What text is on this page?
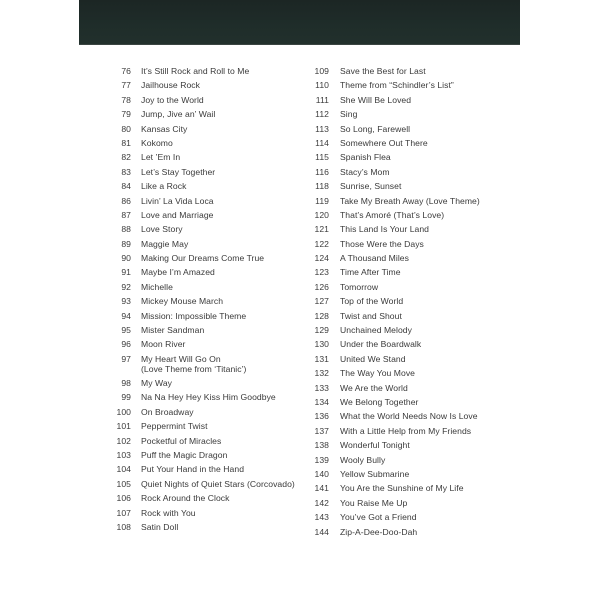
76	It’s Still Rock and Roll to Me
77	Jailhouse Rock
78	Joy to the World
79	Jump, Jive an’ Wail
80	Kansas City
81	Kokomo
82	Let ’Em In
83	Let’s Stay Together
84	Like a Rock
86	Livin’ La Vida Loca
87	Love and Marriage
88	Love Story
89	Maggie May
90	Making Our Dreams Come True
91	Maybe I’m Amazed
92	Michelle
93	Mickey Mouse March
94	Mission: Impossible Theme
95	Mister Sandman
96	Moon River
97	My Heart Will Go On
(Love Theme from ‘Titanic’)
98	My Way
99	Na Na Hey Hey Kiss Him Goodbye
100	On Broadway
101	Peppermint Twist
102	Pocketful of Miracles
103	Puff the Magic Dragon
104	Put Your Hand in the Hand
105	Quiet Nights of Quiet Stars (Corcovado)
106	Rock Around the Clock
107	Rock with You
108	Satin Doll
109	Save the Best for Last
110	Theme from “Schindler’s List”
111	She Will Be Loved
112	Sing
113	So Long, Farewell
114	Somewhere Out There
115	Spanish Flea
116	Stacy’s Mom
118	Sunrise, Sunset
119	Take My Breath Away (Love Theme)
120	That’s Amoré (That’s Love)
121	This Land Is Your Land
122	Those Were the Days
124	A Thousand Miles
123	Time After Time
126	Tomorrow
127	Top of the World
128	Twist and Shout
129	Unchained Melody
130	Under the Boardwalk
131	United We Stand
132	The Way You Move
133	We Are the World
134	We Belong Together
136	What the World Needs Now Is Love
137	With a Little Help from My Friends
138	Wonderful Tonight
139	Wooly Bully
140	Yellow Submarine
141	You Are the Sunshine of My Life
142	You Raise Me Up
143	You’ve Got a Friend
144	Zip-A-Dee-Doo-Dah
